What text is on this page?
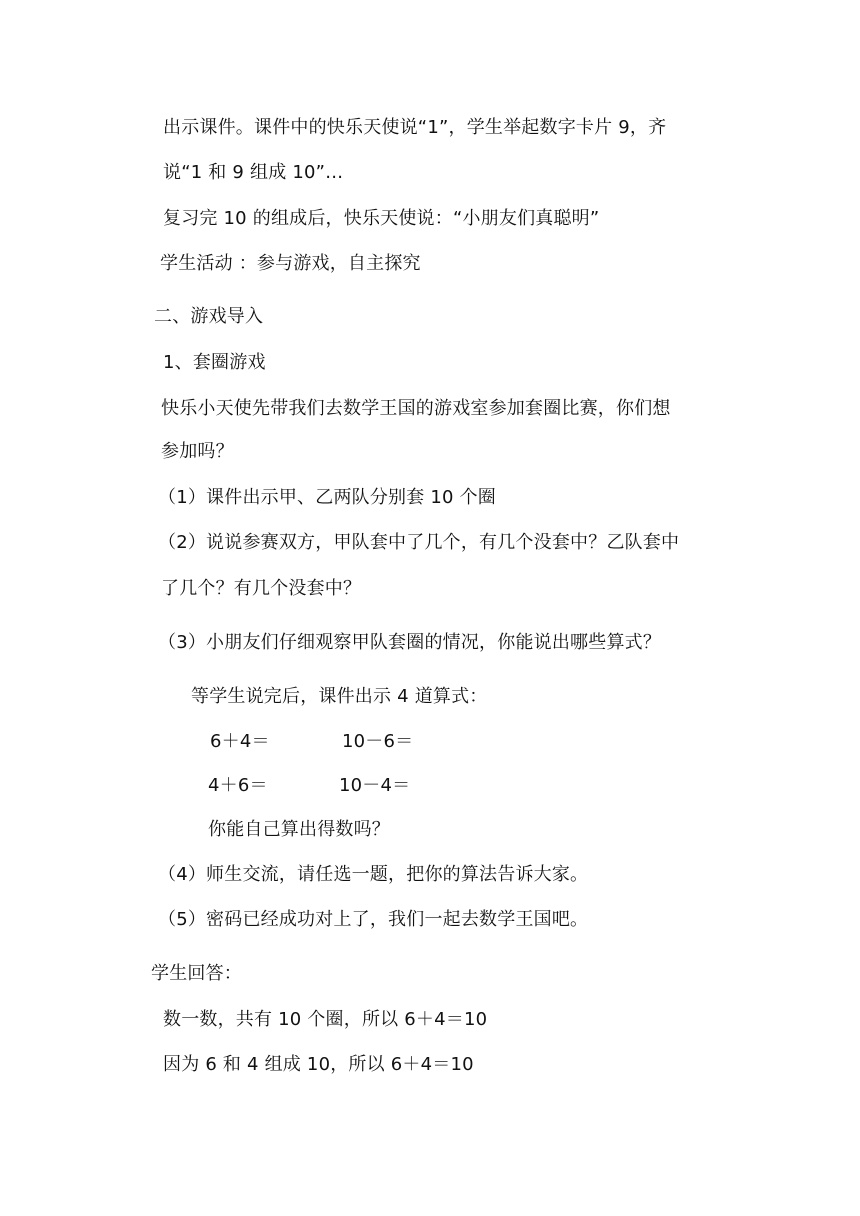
出示课件。课件中的快乐天使说“1”，学生举起数字卡片 9，齐
说“1 和 9 组成 10”…
复习完 10 的组成后，快乐天使说：“小朋友们真聪明”
学生活动 ：参与游戏，自主探究
二、游戏导入
1、套圈游戏
快乐小天使先带我们去数学王国的游戏室参加套圈比赛，你们想
参加吗？
（1）课件出示甲、乙两队分别套 10 个圈
（2）说说参赛双方，甲队套中了几个，有几个没套中？乙队套中
了几个？有几个没套中？
（3）小朋友们仔细观察甲队套圈的情况，你能说出哪些算式？
等学生说完后，课件出示 4 道算式：
6＋4＝	10－6＝
4＋6＝	10－4＝
你能自己算出得数吗？
（4）师生交流，请任选一题，把你的算法告诉大家。
（5）密码已经成功对上了，我们一起去数学王国吧。
学生回答：
数一数，共有 10 个圈，所以 6＋4＝10
因为 6 和 4 组成 10，所以 6＋4＝10
